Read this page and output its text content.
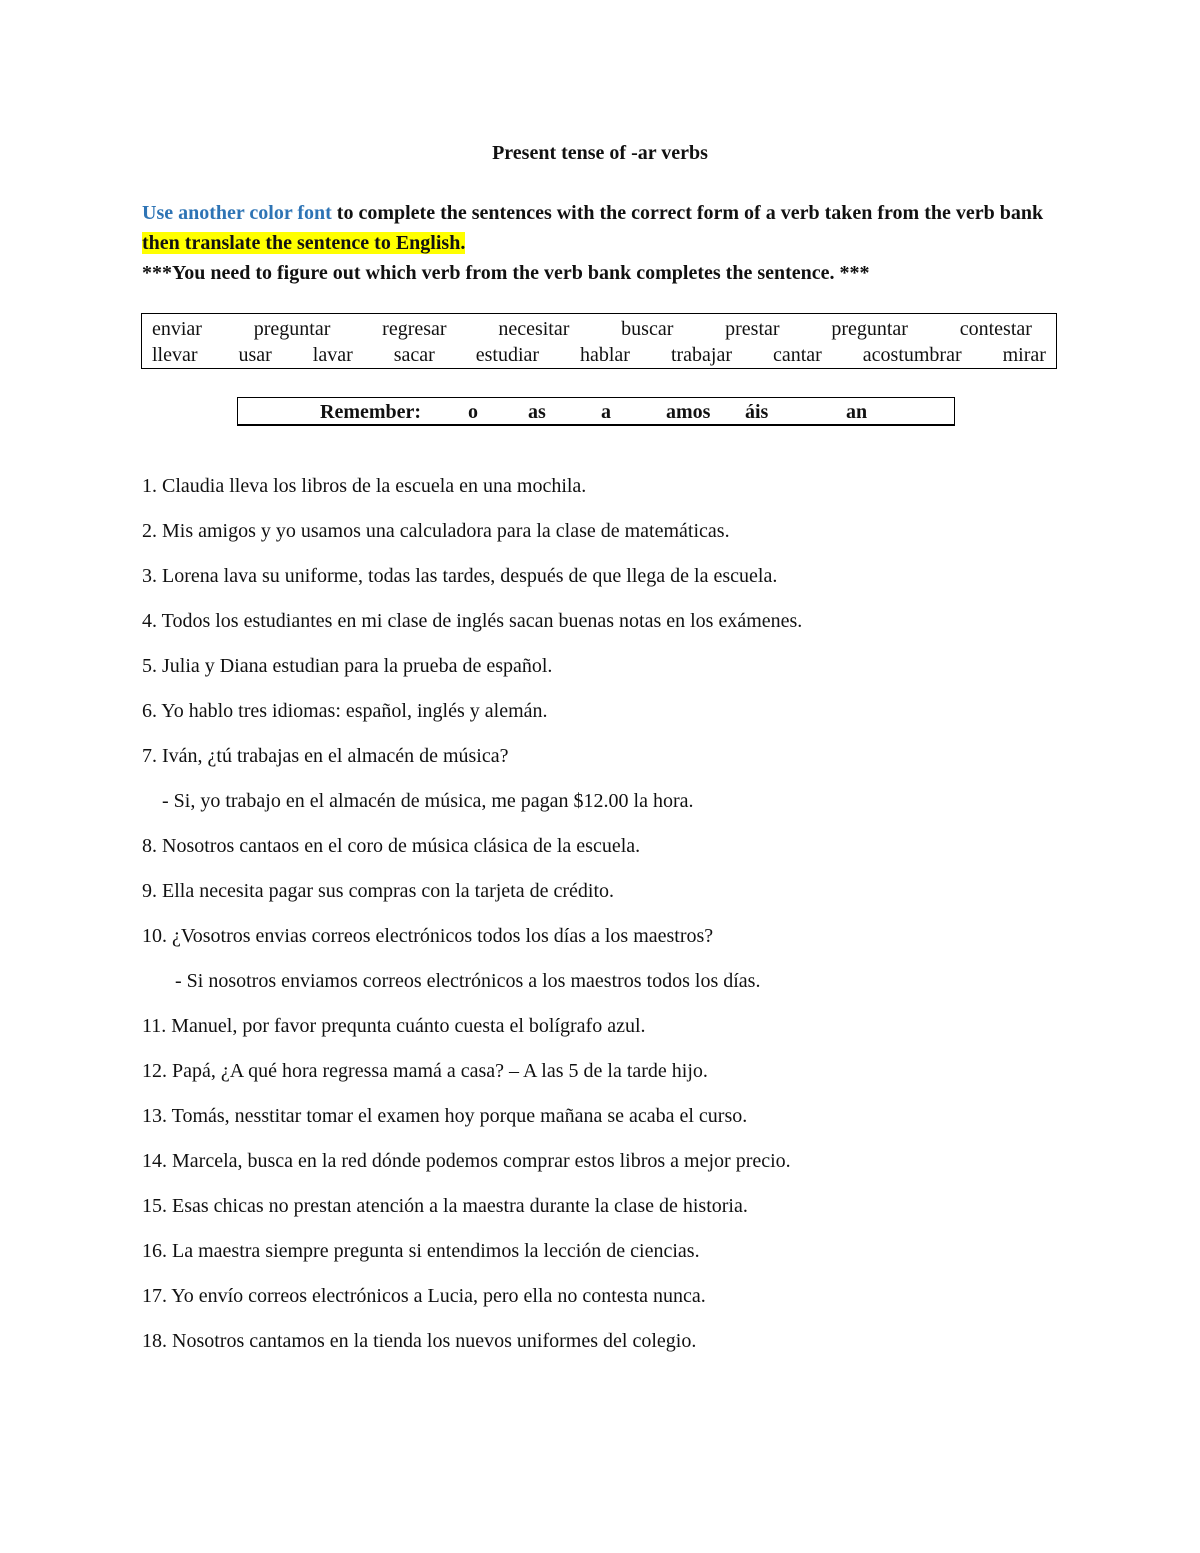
Present tense of -ar verbs
Use another color font to complete the sentences with the correct form of a verb taken from the verb bank then translate the sentence to English.
***You need to figure out which verb from the verb bank completes the sentence. ***
enviar	preguntar	regresar	necesitar	buscar	prestar	preguntar	contestar
llevar usar lavar sacar estudiar hablar trabajar cantar acostumbrar mirar
Remember: o	as	a	amos áis	an
1. Claudia lleva los libros de la escuela en una mochila.
2. Mis amigos y yo usamos una calculadora para la clase de matemáticas.
3. Lorena lava su uniforme, todas las tardes, después de que llega de la escuela.
4. Todos los estudiantes en mi clase de inglés sacan buenas notas en los exámenes.
5. Julia y Diana estudian para la prueba de español.
6. Yo hablo tres idiomas: español, inglés y alemán.
7. Iván, ¿tú trabajas en el almacén de música?
- Si, yo trabajo en el almacén de música, me pagan $12.00 la hora.
8. Nosotros cantaos en el coro de música clásica de la escuela.
9. Ella necesita pagar sus compras con la tarjeta de crédito.
10. ¿Vosotros envias correos electrónicos todos los días a los maestros?
- Si nosotros enviamos correos electrónicos a los maestros todos los días.
11. Manuel, por favor prequnta cuánto cuesta el bolígrafo azul.
12. Papá, ¿A qué hora regressa mamá a casa? – A las 5 de la tarde hijo.
13. Tomás, nesstitar tomar el examen hoy porque mañana se acaba el curso.
14. Marcela, busca en la red dónde podemos comprar estos libros a mejor precio.
15. Esas chicas no prestan atención a la maestra durante la clase de historia.
16. La maestra siempre pregunta si entendimos la lección de ciencias.
17. Yo envío correos electrónicos a Lucia, pero ella no contesta nunca.
18. Nosotros cantamos en la tienda los nuevos uniformes del colegio.
